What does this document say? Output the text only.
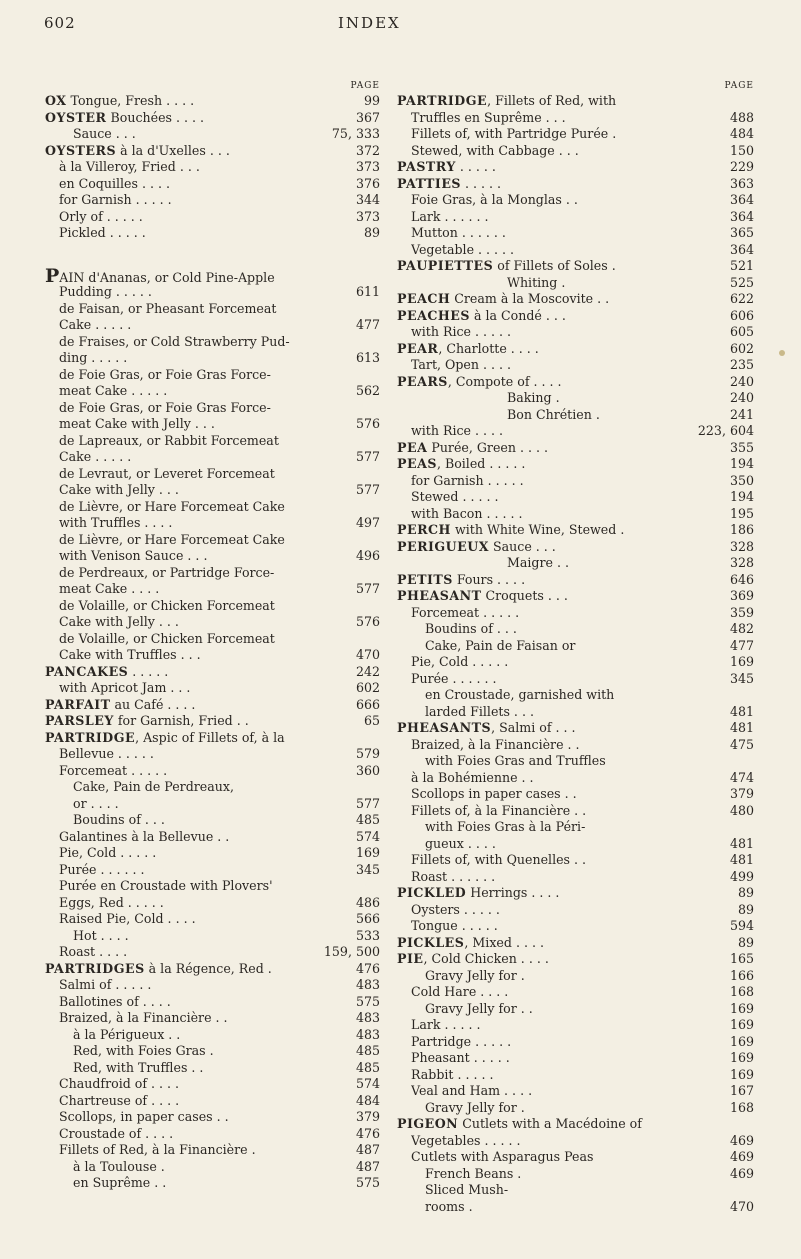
602	INDEX
PAGE
OX Tongue, Fresh . . . .	99
OYSTER Bouchées . . . .	367
Sauce . . .	75, 333
OYSTERS à la d'Uxelles . . .	372
à la Villeroy, Fried . . .	373
en Coquilles . . . .	376
for Garnish . . . . .	344
Orly of . . . . .	373
Pickled . . . . .	89
PAIN d'Ananas, or Cold Pine-Apple
Pudding . . . . .	611
de Faisan, or Pheasant Forcemeat
Cake . . . . .	477
de Fraises, or Cold Strawberry Pud-
ding . . . . .	613
de Foie Gras, or Foie Gras Force-
meat Cake . . . . .	562
de Foie Gras, or Foie Gras Force-
meat Cake with Jelly . . .	576
de Lapreaux, or Rabbit Forcemeat
Cake . . . . .	577
de Levraut, or Leveret Forcemeat
Cake with Jelly . . .	577
de Lièvre, or Hare Forcemeat Cake
with Truffles . . . .	497
de Lièvre, or Hare Forcemeat Cake
with Venison Sauce . . .	496
de Perdreaux, or Partridge Force-
meat Cake . . . .	577
de Volaille, or Chicken Forcemeat
Cake with Jelly . . .	576
de Volaille, or Chicken Forcemeat
Cake with Truffles . . .	470
PANCAKES . . . . .	242
with Apricot Jam . . .	602
PARFAIT au Café . . . .	666
PARSLEY for Garnish, Fried . .	65
PARTRIDGE, Aspic of Fillets of, à la
Bellevue . . . . .	579
Forcemeat . . . . .	360
Cake, Pain de Perdreaux,
or . . . .	577
Boudins of . . .	485
Galantines à la Bellevue . .	574
Pie, Cold . . . . .	169
Purée . . . . . .	345
Purée en Croustade with Plovers'
Eggs, Red . . . . .	486
Raised Pie, Cold . . . .	566
Hot . . . .	533
Roast . . . .	159, 500
PARTRIDGES à la Régence, Red .	476
Salmi of . . . . .	483
Ballotines of . . . .	575
Braized, à la Financière . .	483
à la Périgueux . .	483
Red, with Foies Gras .	485
Red, with Truffles . .	485
Chaudfroid of . . . .	574
Chartreuse of . . . .	484
Scollops, in paper cases . .	379
Croustade of . . . .	476
Fillets of Red, à la Financière .	487
à la Toulouse .	487
en Suprême . .	575
PAGE
PARTRIDGE, Fillets of Red, with
Truffles en Suprême . . .	488
Fillets of, with Partridge Purée .	484
Stewed, with Cabbage . . .	150
PASTRY . . . . .	229
PATTIES . . . . .	363
Foie Gras, à la Monglas . .	364
Lark . . . . . .	364
Mutton . . . . . .	365
Vegetable . . . . .	364
PAUPIETTES of Fillets of Soles .	521
Whiting .	525
PEACH Cream à la Moscovite . .	622
PEACHES à la Condé . . .	606
with Rice . . . . .	605
PEAR, Charlotte . . . .	602
Tart, Open . . . .	235
PEARS, Compote of . . . .	240
Baking .	240
Bon Chrétien .	241
with Rice . . . .	223, 604
PEA Purée, Green . . . .	355
PEAS, Boiled . . . . .	194
for Garnish . . . . .	350
Stewed . . . . .	194
with Bacon . . . . .	195
PERCH with White Wine, Stewed .	186
PERIGUEUX Sauce . . .	328
Maigre . .	328
PETITS Fours . . . .	646
PHEASANT Croquets . . .	369
Forcemeat . . . . .	359
Boudins of . . .	482
Cake, Pain de Faisan or	477
Pie, Cold . . . . .	169
Purée . . . . . .	345
en Croustade, garnished with
larded Fillets . . .	481
PHEASANTS, Salmi of . . .	481
Braized, à la Financière . .	475
with Foies Gras and Truffles
à la Bohémienne . .	474
Scollops in paper cases . .	379
Fillets of, à la Financière . .	480
with Foies Gras à la Péri-
gueux . . . .	481
Fillets of, with Quenelles . .	481
Roast . . . . . .	499
PICKLED Herrings . . . .	89
Oysters . . . . .	89
Tongue . . . . .	594
PICKLES, Mixed . . . .	89
PIE, Cold Chicken . . . .	165
Gravy Jelly for .	166
Cold Hare . . . .	168
Gravy Jelly for . .	169
Lark . . . . .	169
Partridge . . . . .	169
Pheasant . . . . .	169
Rabbit . . . . .	169
Veal and Ham . . . .	167
Gravy Jelly for .	168
PIGEON Cutlets with a Macédoine of
Vegetables . . . . .	469
Cutlets with Asparagus Peas	469
French Beans .	469
Sliced Mush-
rooms .	470
